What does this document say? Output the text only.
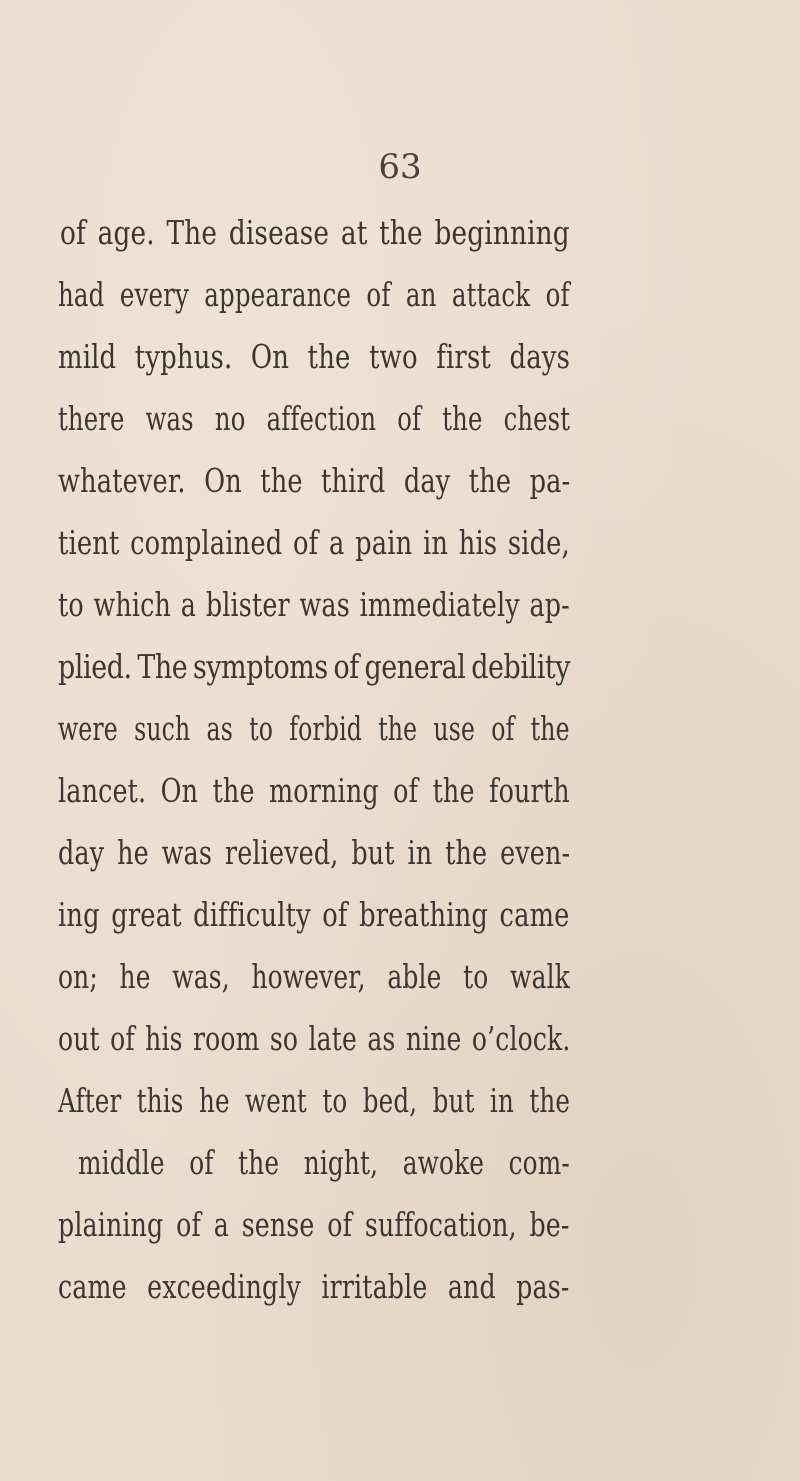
63
of age. The disease at the beginning
had every appearance of an attack of
mild typhus. On the two first days
there was no affection of the chest
whatever. On the third day the pa-
tient complained of a pain in his side,
to which a blister was immediately ap-
plied. The symptoms of general debility
were such as to forbid the use of the
lancet. On the morning of the fourth
day he was relieved, but in the even-
ing great difficulty of breathing came
on; he was, however, able to walk
out of his room so late as nine o’clock.
After this he went to bed, but in the
middle of the night, awoke com-
plaining of a sense of suffocation, be-
came exceedingly irritable and pas-
